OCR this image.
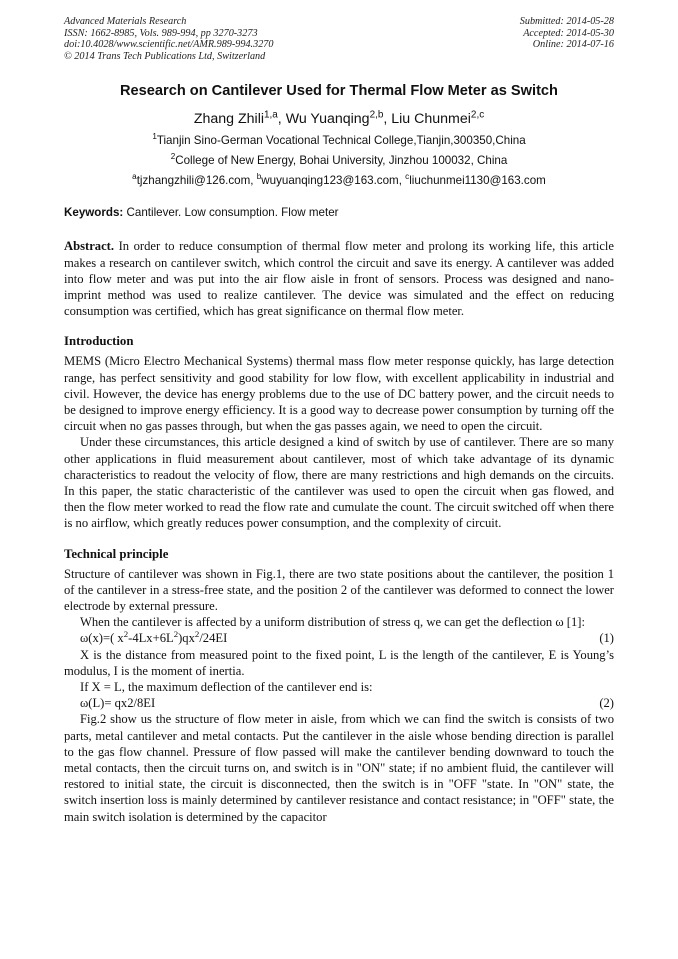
Advanced Materials Research
ISSN: 1662-8985, Vols. 989-994, pp 3270-3273
doi:10.4028/www.scientific.net/AMR.989-994.3270
© 2014 Trans Tech Publications Ltd, Switzerland
Submitted: 2014-05-28
Accepted: 2014-05-30
Online: 2014-07-16
Research on Cantilever Used for Thermal Flow Meter as Switch
Zhang Zhili$^{1,a}$, Wu Yuanqing$^{2,b}$, Liu Chunmei$^{2,c}$
$^1$Tianjin Sino-German Vocational Technical College,Tianjin,300350,China
$^2$College of New Energy, Bohai University, Jinzhou 100032, China
$^a$tjzhangzhili@126.com, $^b$wuyuanqing123@163.com, $^c$liuchunmei1130@163.com
Keywords: Cantilever. Low consumption. Flow meter
Abstract. In order to reduce consumption of thermal flow meter and prolong its working life, this article makes a research on cantilever switch, which control the circuit and save its energy. A cantilever was added into flow meter and was put into the air flow aisle in front of sensors. Process was designed and nano-imprint method was used to realize cantilever. The device was simulated and the effect on reducing consumption was certified, which has great significance on thermal flow meter.
Introduction
MEMS (Micro Electro Mechanical Systems) thermal mass flow meter response quickly, has large detection range, has perfect sensitivity and good stability for low flow, with excellent applicability in industrial and civil. However, the device has energy problems due to the use of DC battery power, and the circuit needs to be designed to improve energy efficiency. It is a good way to decrease power consumption by turning off the circuit when no gas passes through, but when the gas passes again, we need to open the circuit.
Under these circumstances, this article designed a kind of switch by use of cantilever. There are so many other applications in fluid measurement about cantilever, most of which take advantage of its dynamic characteristics to readout the velocity of flow, there are many restrictions and high demands on the circuits. In this paper, the static characteristic of the cantilever was used to open the circuit when gas flowed, and then the flow meter worked to read the flow rate and cumulate the count. The circuit switched off when there is no airflow, which greatly reduces power consumption, and the complexity of circuit.
Technical principle
Structure of cantilever was shown in Fig.1, there are two state positions about the cantilever, the position 1 of the cantilever in a stress-free state, and the position 2 of the cantilever was deformed to connect the lower electrode by external pressure.
When the cantilever is affected by a uniform distribution of stress q, we can get the deflection ω [1]:
ω(x)=( $x^2-4Lx+6L^2)qx^2/24EI$	(1)
X is the distance from measured point to the fixed point, L is the length of the cantilever, E is Young’s modulus, I is the moment of inertia.
If X = L, the maximum deflection of the cantilever end is:
ω(L)= qx2/8EI	(2)
Fig.2 show us the structure of flow meter in aisle, from which we can find the switch is consists of two parts, metal cantilever and metal contacts. Put the cantilever in the aisle whose bending direction is parallel to the gas flow channel. Pressure of flow passed will make the cantilever bending downward to touch the metal contacts, then the circuit turns on, and switch is in "ON" state; if no ambient fluid, the cantilever will restored to initial state, the circuit is disconnected, then the switch is in "OFF "state. In "ON" state, the switch insertion loss is mainly determined by cantilever resistance and contact resistance; in "OFF" state, the main switch isolation is determined by the capacitor
